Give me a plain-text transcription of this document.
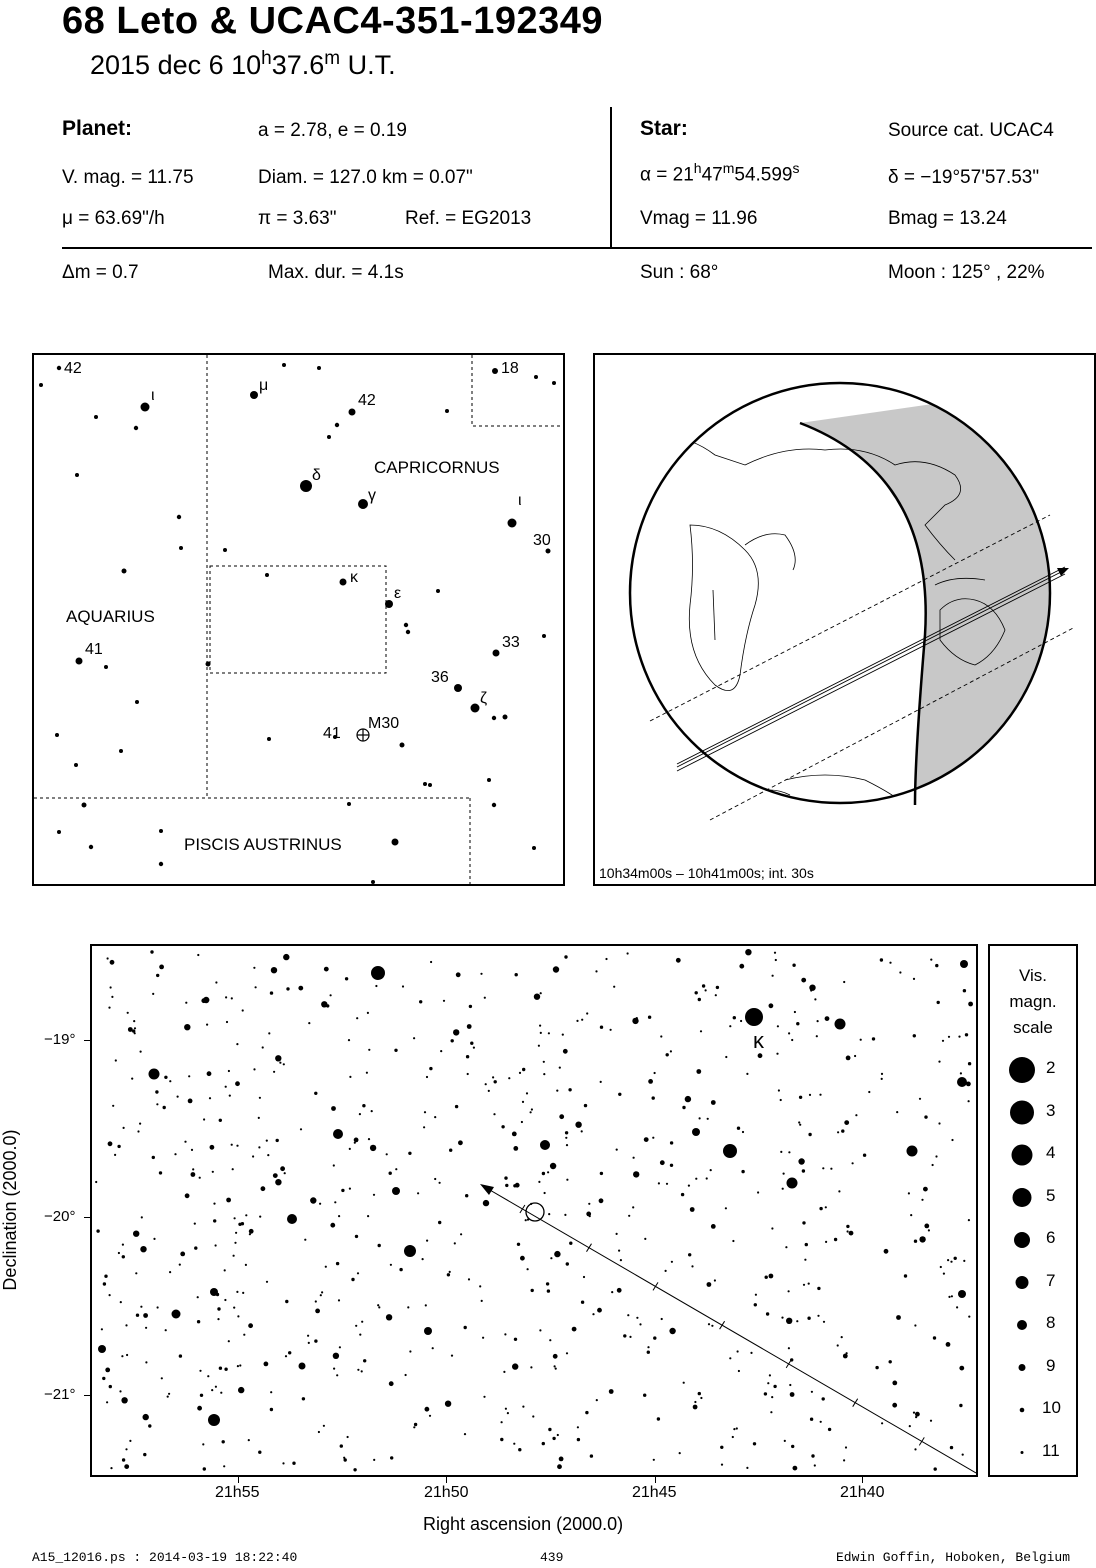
68 Leto & UCAC4-351-192349
2015 dec 6 10$^h$37.6$^m$ U.T.
Planet:	a = 2.78, e = 0.19
V. mag. = 11.75	Diam. = 127.0 km = 0.07"
μ = 63.69"/h	π = 3.63"	Ref. = EG2013
Star:	Source cat. UCAC4
$\alpha = 21^h47^m54.599^s$	δ = −19°57'57.53"
Vmag = 11.96	Bmag = 13.24
Δm = 0.7	Max. dur. = 4.1s	Sun : 68°	Moon : 125° , 22%
CAPRICORNUS
AQUARIUS
PISCIS AUSTRINUS
42
ι
μ
42
18
δ
γ	ι
30
κ
ε
41	33
36
ζ
41
M30
10h34m00s – 10h41m00s; int. 30s
κ
−19°
−20°
−21°
21h55	21h50	21h45	21h40
Right ascension (2000.0)
Declination (2000.0)
Vis.
magn.
scale
2
3
4
5
6
7
8
9
10
11
A15_12016.ps : 2014-03-19 18:22:40	439	Edwin Goffin, Hoboken, Belgium
